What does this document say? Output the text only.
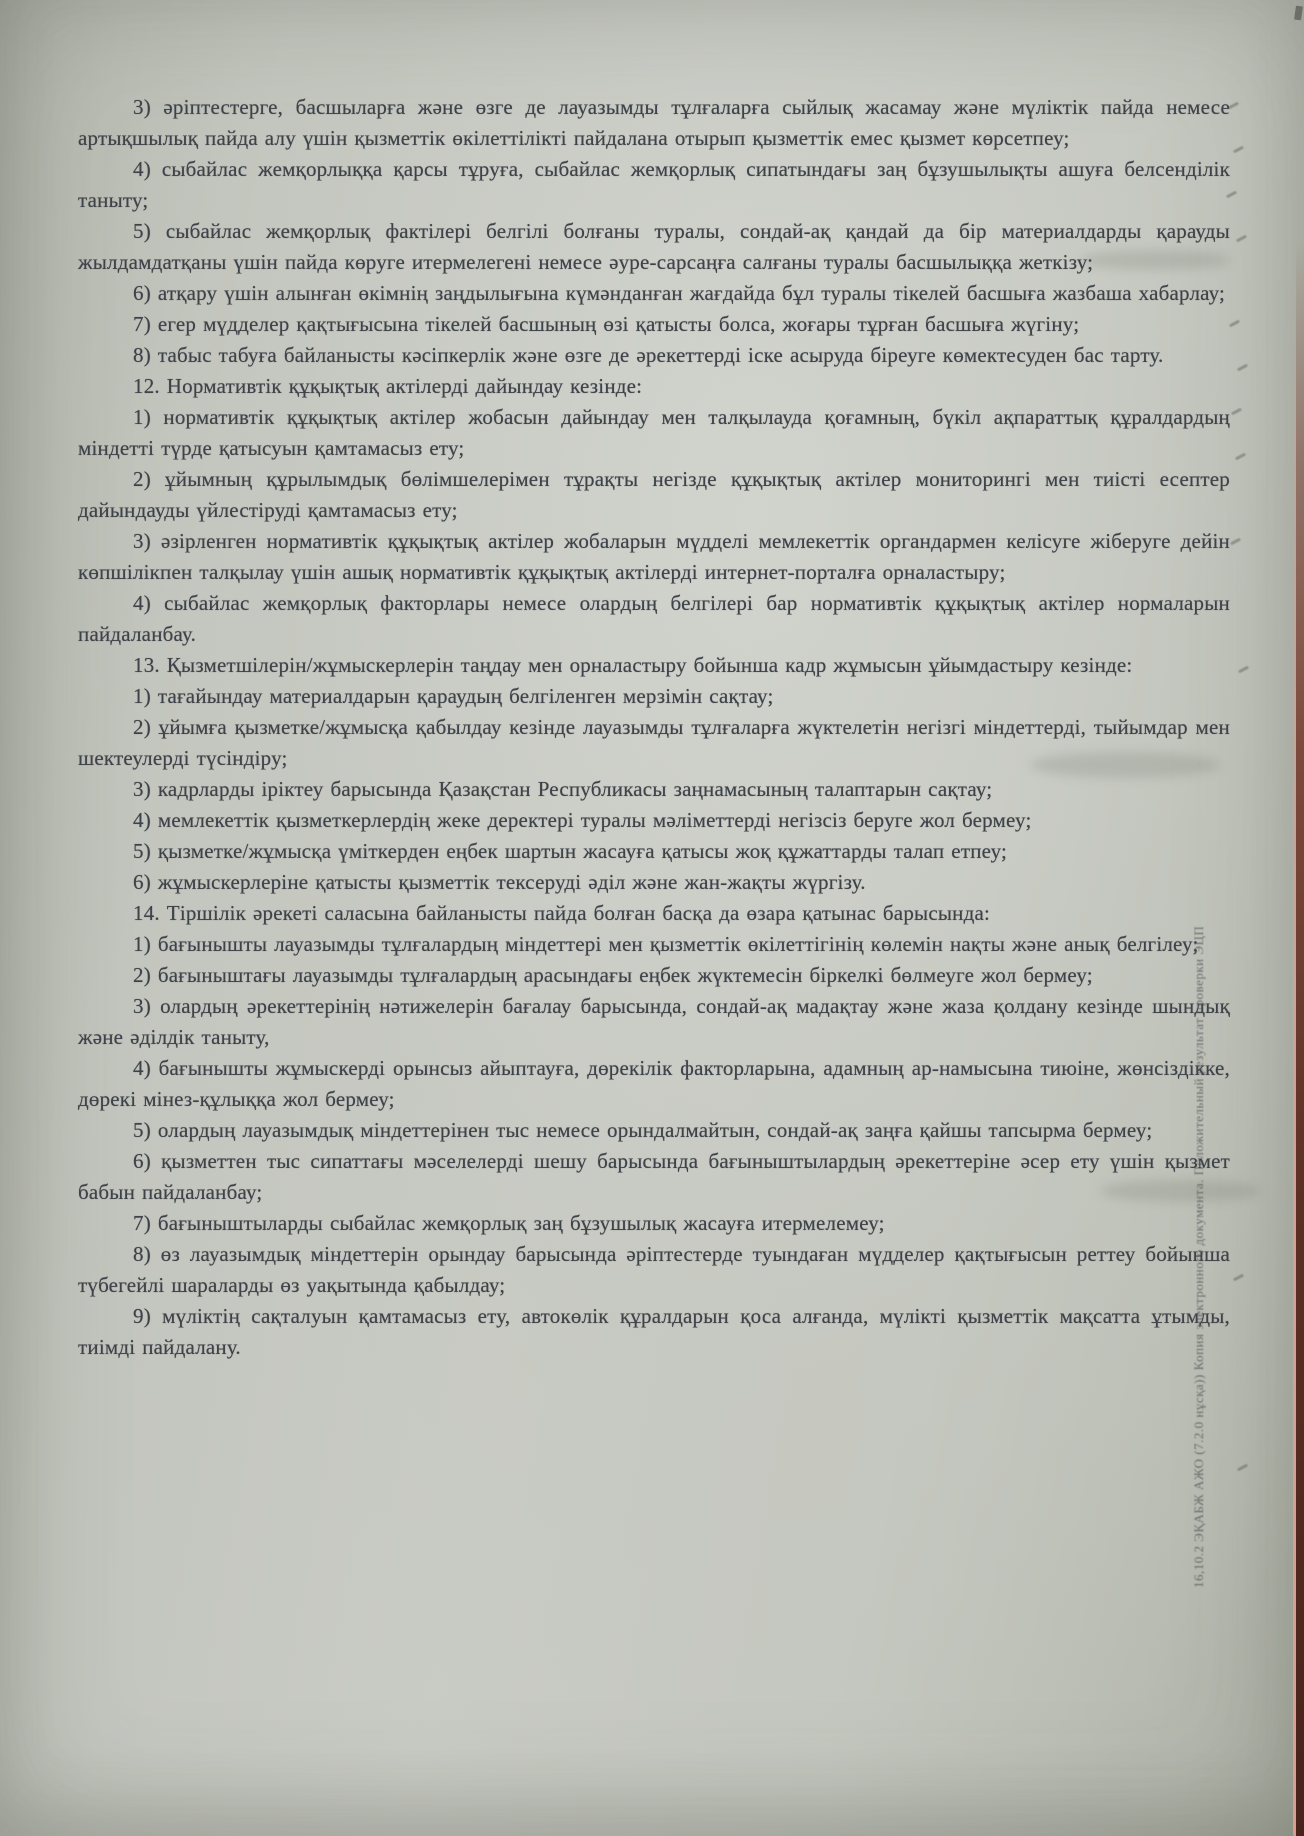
3) әріптестерге, басшыларға және өзге де лауазымды тұлғаларға сыйлық жасамау және мүліктік пайда немесе артықшылық пайда алу үшін қызметтік өкілеттілікті пайдалана отырып қызметтік емес қызмет көрсетпеу;

4) сыбайлас жемқорлыққа қарсы тұруға, сыбайлас жемқорлық сипатындағы заң бұзушылықты ашуға белсенділік таныту;

5) сыбайлас жемқорлық фактілері белгілі болғаны туралы, сондай-ақ қандай да бір материалдарды қарауды жылдамдатқаны үшін пайда көруге итермелегені немесе әуре-сарсаңға салғаны туралы басшылыққа жеткізу;

6) атқару үшін алынған өкімнің заңдылығына күмәнданған жағдайда бұл туралы тікелей басшыға жазбаша хабарлау;

7) егер мүдделер қақтығысына тікелей басшының өзі қатысты болса, жоғары тұрған басшыға жүгіну;

8) табыс табуға байланысты кәсіпкерлік және өзге де әрекеттерді іске асыруда біреуге көмектесуден бас тарту.

12. Нормативтік құқықтық актілерді дайындау кезінде:

1) нормативтік құқықтық актілер жобасын дайындау мен талқылауда қоғамның, бүкіл ақпараттық құралдардың міндетті түрде қатысуын қамтамасыз ету;

2) ұйымның құрылымдық бөлімшелерімен тұрақты негізде құқықтық актілер мониторингі мен тиісті есептер дайындауды үйлестіруді қамтамасыз ету;

3) әзірленген нормативтік құқықтық актілер жобаларын мүдделі мемлекеттік органдармен келісуге жіберуге дейін көпшілікпен талқылау үшін ашық нормативтік құқықтық актілерді интернет-порталға орналастыру;

4) сыбайлас жемқорлық факторлары немесе олардың белгілері бар нормативтік құқықтық актілер нормаларын пайдаланбау.

13. Қызметшілерін/жұмыскерлерін таңдау мен орналастыру бойынша кадр жұмысын ұйымдастыру кезінде:

1) тағайындау материалдарын қараудың белгіленген мерзімін сақтау;

2) ұйымға қызметке/жұмысқа қабылдау кезінде лауазымды тұлғаларға жүктелетін негізгі міндеттерді, тыйымдар мен шектеулерді түсіндіру;

3) кадрларды іріктеу барысында Қазақстан Республикасы заңнамасының талаптарын сақтау;

4) мемлекеттік қызметкерлердің жеке деректері туралы мәліметтерді негізсіз беруге жол бермеу;

5) қызметке/жұмысқа үміткерден еңбек шартын жасауға қатысы жоқ құжаттарды талап етпеу;

6) жұмыскерлеріне қатысты қызметтік тексеруді әділ және жан-жақты жүргізу.

14. Тіршілік әрекеті саласына байланысты пайда болған басқа да өзара қатынас барысында:

1) бағынышты лауазымды тұлғалардың міндеттері мен қызметтік өкілеттігінің көлемін нақты және анық белгілеу;

2) бағыныштағы лауазымды тұлғалардың арасындағы еңбек жүктемесін біркелкі бөлмеуге жол бермеу;

3) олардың әрекеттерінің нәтижелерін бағалау барысында, сондай-ақ мадақтау және жаза қолдану кезінде шындық және әділдік таныту,

4) бағынышты жұмыскерді орынсыз айыптауға, дөрекілік факторларына, адамның ар-намысына тиюіне, жөнсіздікке, дөрекі мінез-құлыққа жол бермеу;

5) олардың лауазымдық міндеттерінен тыс немесе орындалмайтын, сондай-ақ заңға қайшы тапсырма бермеу;

6) қызметтен тыс сипаттағы мәселелерді шешу барысында бағыныштылардың әрекеттеріне әсер ету үшін қызмет бабын пайдаланбау;

7) бағыныштыларды сыбайлас жемқорлық заң бұзушылық жасауға итермелемеу;

8) өз лауазымдық міндеттерін орындау барысында әріптестерде туындаған мүдделер қақтығысын реттеу бойынша түбегейлі шараларды өз уақытында қабылдау;

9) мүліктің сақталуын қамтамасыз ету, автокөлік құралдарын қоса алғанда, мүлікті қызметтік мақсатта ұтымды, тиімді пайдалану.	16,10.2 ЭҚАБЖ АЖО (7.2.0 нұсқа)) Копия электронного документа. Положительный результат проверки ЭЦП
